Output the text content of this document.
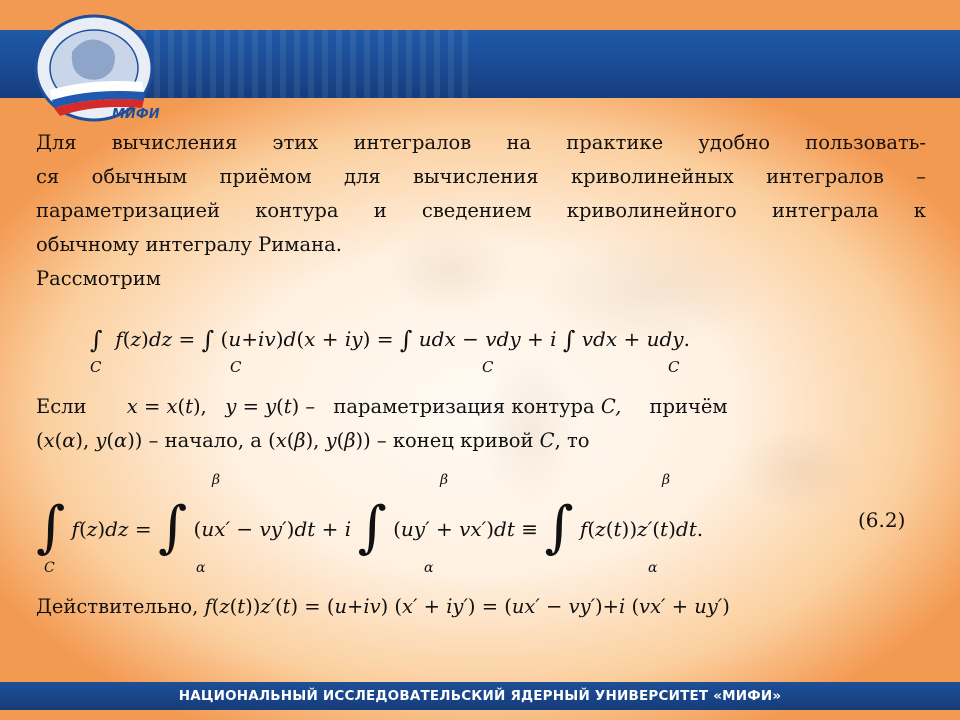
МИФИ

Для вычисления этих интегралов на практике удобно пользовать-
ся обычным приёмом для вычисления криволинейных интегралов –
параметризацией контура и сведением криволинейного интеграла к
обычному интегралу Римана.

Рассмотрим
∫
C
f(z)dz = ∫
C
(u+iv)d(x + iy) = ∫
C
udx − vdy + i ∫
C
vdx + udy.
Если x = x(t),   y = y(t) – параметризация контура C, причём
(x(α), y(α)) – начало, а (x(β), y(β)) – конец кривой C, то
C
β
α
β
α
β
α
∫ f(z)dz = ∫ (ux′ − vy′)dt + i ∫ (uy′ + vx′)dt ≡ ∫ f(z(t))z′(t)dt.	(6.2)
Действительно, f(z(t))z′(t) = (u+iv) (x′ + iy′) = (ux′ − vy′)+i (vx′ + uy′)
НАЦИОНАЛЬНЫЙ ИССЛЕДОВАТЕЛЬСКИЙ ЯДЕРНЫЙ УНИВЕРСИТЕТ «МИФИ»
